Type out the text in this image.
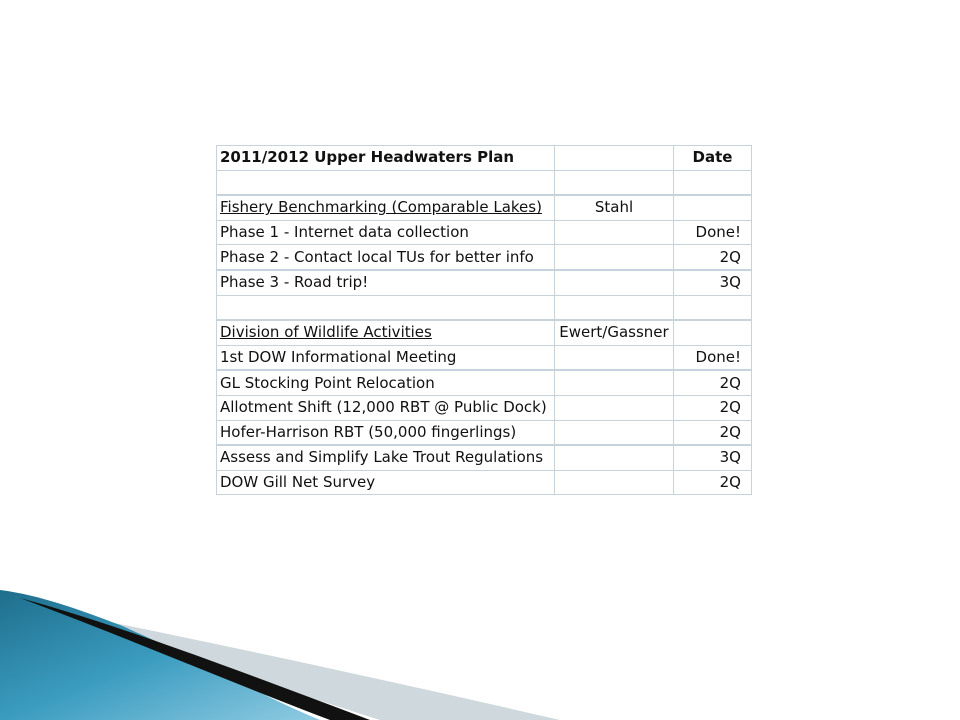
2011/2012 Upper Headwaters Plan		Date

Fishery Benchmarking (Comparable Lakes)	Stahl	
Phase 1 - Internet data collection		Done!
Phase 2 - Contact local TUs for better info		2Q
Phase 3 - Road trip!		3Q

Division of Wildlife Activities	Ewert/Gassner	
1st DOW Informational Meeting		Done!
GL Stocking Point Relocation		2Q
Allotment Shift (12,000 RBT @ Public Dock)		2Q
Hofer-Harrison RBT (50,000 fingerlings)		2Q
Assess and Simplify Lake Trout Regulations		3Q
DOW Gill Net Survey		2Q
